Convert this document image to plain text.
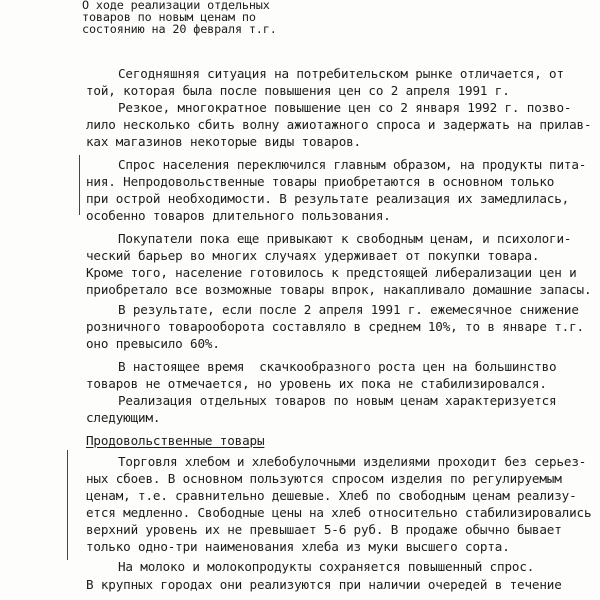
О ходе реализации отдельных
товаров по новым ценам по
состоянию на 20 февраля т.г.
Сегодняшняя ситуация на потребительском рынке отличается, от
той, которая была после повышения цен со 2 апреля 1991 г.
Резкое, многократное повышение цен со 2 января 1992 г. позво-
лило несколько сбить волну ажиотажного спроса и задержать на прилав-
ках магазинов некоторые виды товаров.
Спрос населения переключился главным образом, на продукты пита-
ния. Непродовольственные товары приобретаются в основном только
при острой необходимости. В результате реализация их замедлилась,
особенно товаров длительного пользования.
Покупатели пока еще привыкают к свободным ценам, и психологи-
ческий барьер во многих случаях удерживает от покупки товара.
Кроме того, население готовилось к предстоящей либерализации цен и
приобретало все возможные товары впрок, накапливало домашние запасы.
В результате, если после 2 апреля 1991 г. ежемесячное снижение
розничного товарооборота составляло в среднем 10%, то в январе т.г.
оно превысило 60%.
В настоящее время  скачкообразного роста цен на большинство
товаров не отмечается, но уровень их пока не стабилизировался.
Реализация отдельных товаров по новым ценам характеризуется
следующим.
Продовольственные товары
Торговля хлебом и хлебобулочными изделиями проходит без серьез-
ных сбоев. В основном пользуются спросом изделия по регулируемым
ценам, т.е. сравнительно дешевые. Хлеб по свободным ценам реализу-
ется медленно. Свободные цены на хлеб относительно стабилизировались
верхний уровень их не превышает 5-6 руб. В продаже обычно бывает
только одно-три наименования хлеба из муки высшего сорта.
На молоко и молокопродукты сохраняется повышенный спрос.
В крупных городах они реализуются при наличии очередей в течение
